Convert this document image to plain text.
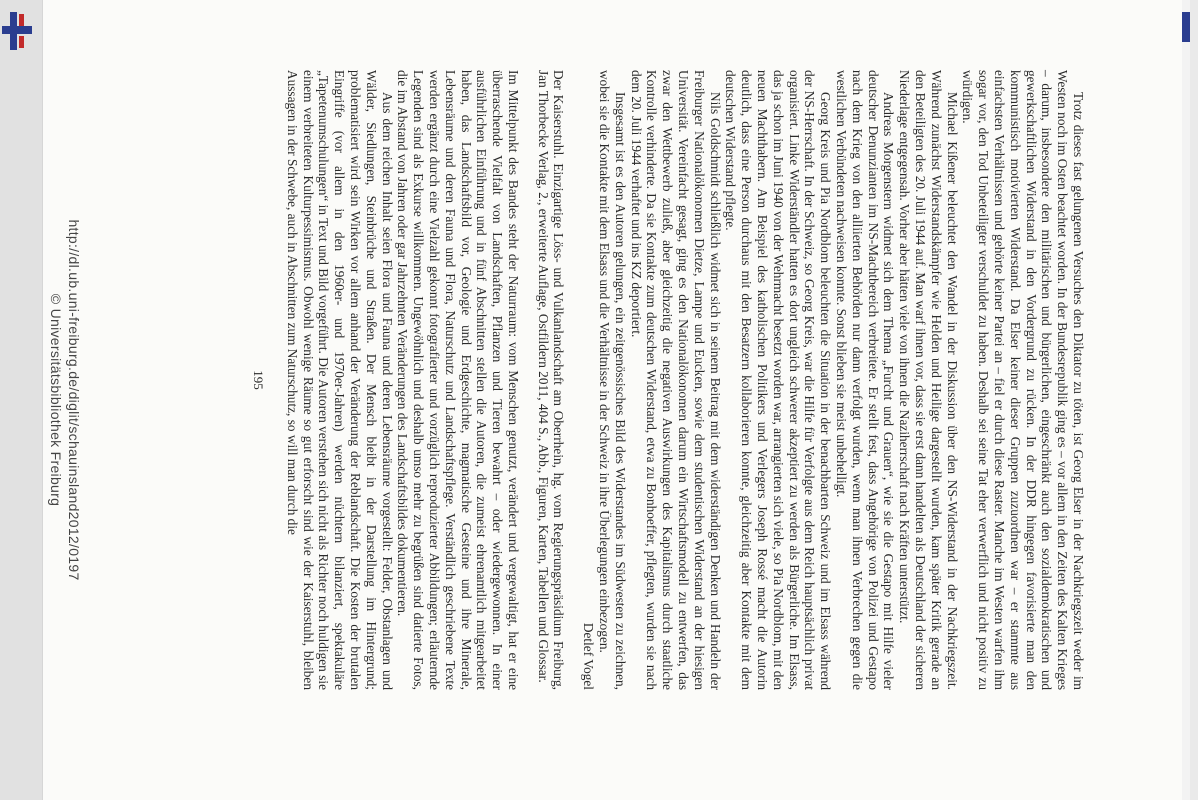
Trotz dieses fast gelungenen Versuches den Diktator zu töten, ist Georg Elser in der Nachkriegszeit weder im Westen noch im Osten beachtet worden. In der Bundesrepublik ging es – vor allem in den Zeiten des Kalten Krieges – darum, insbesondere den militärischen und bürgerlichen, eingeschränkt auch den sozialdemokratischen und gewerkschaftlichen Widerstand in den Vordergrund zu rücken. In der DDR hingegen favorisierte man den kommunistisch motivierten Widerstand. Da Elser keiner dieser Gruppen zuzuordnen war – er stammte aus einfachsten Verhältnissen und gehörte keiner Partei an – fiel er durch diese Raster. Manche im Westen warfen ihm sogar vor, den Tod Unbeteiligter verschuldet zu haben. Deshalb sei seine Tat eher verwerflich und nicht positiv zu würdigen.

Michael Kißener beleuchtet den Wandel in der Diskussion über den NS-Widerstand in der Nachkriegszeit. Während zunächst Widerstandskämpfer wie Helden und Heilige dargestellt wurden, kam später Kritik gerade an den Beteiligten des 20. Juli 1944 auf. Man warf ihnen vor, dass sie erst dann handelten als Deutschland der sicheren Niederlage entgegensah. Vorher aber hätten viele von ihnen die Naziherrschaft nach Kräften unterstützt.

Andreas Morgenstern widmet sich dem Thema „Furcht und Grauen“, wie sie die Gestapo mit Hilfe vieler deutscher Denunzianten im NS-Machtbereich verbreitete. Er stellt fest, dass Angehörige von Polizei und Gestapo nach dem Krieg von den alliierten Behörden nur dann verfolgt wurden, wenn man ihnen Verbrechen gegen die westlichen Verbündeten nachweisen konnte. Sonst blieben sie meist unbehelligt.

Georg Kreis und Pia Nordblom beleuchten die Situation in der benachbarten Schweiz und im Elsass während der NS-Herrschaft. In der Schweiz, so Georg Kreis, war die Hilfe für Verfolgte aus dem Reich hauptsächlich privat organisiert. Linke Widerständler hatten es dort ungleich schwerer akzeptiert zu werden als Bürgerliche. Im Elsass, das ja schon im Juni 1940 von der Wehrmacht besetzt worden war, arrangierten sich viele, so Pia Nordblom, mit den neuen Machthabern. Am Beispiel des katholischen Politikers und Verlegers Joseph Rossé macht die Autorin deutlich, dass eine Person durchaus mit den Besatzern kollaborieren konnte, gleichzeitig aber Kontakte mit dem deutschen Widerstand pflegte.

Nils Goldschmidt schließlich widmet sich in seinem Beitrag mit dem widerständigen Denken und Handeln der Freiburger Nationalökonomen Dietze, Lampe und Eucken, sowie dem studentischen Widerstand an der hiesigen Universität. Vereinfacht gesagt, ging es den Nationalökonomen darum ein Wirtschaftsmodell zu entwerfen, das zwar den Wettbewerb zuließ, aber gleichzeitig die negativen Auswirkungen des Kapitalismus durch staatliche Kontrolle verhinderte. Da sie Kontakte zum deutschen Widerstand, etwa zu Bonhoeffer, pflegten, wurden sie nach dem 20. Juli 1944 verhaftet und ins KZ deportiert.

Insgesamt ist es den Autoren gelungen, ein zeitgenössisches Bild des Widerstandes im Südwesten zu zeichnen, wobei sie die Kontakte mit dem Elsass und die Verhältnisse in der Schweiz in ihre Überlegungen einbezogen.

Detlef Vogel

Der Kaiserstuhl. Einzigartige Löss- und Vulkanlandschaft am Oberrhein, hg. vom Regierungspräsidium Freiburg, Jan Thorbecke Verlag, 2., erweiterte Auflage, Ostfildern 2011, 404 S., Abb., Figuren, Karten, Tabellen und Glossar.

Im Mittelpunkt des Bandes steht der Naturraum: vom Menschen genutzt, verändert und vergewaltigt, hat er eine überraschende Vielfalt von Landschaften, Pflanzen und Tieren bewahrt – oder wiedergewonnen. In einer ausführlichen Einführung und in fünf Abschnitten stellen die Autoren, die zumeist ehrenamtlich mitgearbeitet haben, das Landschaftsbild vor, Geologie und Erdgeschichte, magmatische Gesteine und ihre Minerale, Lebensräume und deren Fauna und Flora, Naturschutz und Landschaftspflege. Verständlich geschriebene Texte werden ergänzt durch eine Vielzahl gekonnt fotografierter und vorzüglich reproduzierter Abbildungen; erläuternde Legenden sind als Exkurse willkommen. Ungewöhnlich und deshalb umso mehr zu begrüßen sind datierte Fotos, die im Abstand von Jahren oder gar Jahrzehnten Veränderungen des Landschaftsbildes dokumentieren.

Aus dem reichen Inhalt seien Flora und Fauna und deren Lebensräume vorgestellt: Felder, Obstanlagen und Wälder, Siedlungen, Steinbrüche und Straßen. Der Mensch bleibt in der Darstellung im Hintergrund; problematisiert wird sein Wirken vor allem anhand der Veränderung der Reblandschaft. Die Kosten der brutalen Eingriffe (vor allem in den 1960er- und 1970er-Jahren) werden nüchtern bilanziert, spektakuläre „Tapetenumschulungen“ in Text und Bild vorgeführt. Die Autoren verstehen sich nicht als Richter noch huldigen sie einem verbreiteten Kulturpessimismus. Obwohl wenige Räume so gut erforscht sind wie der Kaiserstuhl, bleiben Aussagen in der Schwebe, auch in Abschnitten zum Naturschutz, so will man durch die

195

http://dl.ub.uni-freiburg.de/diglit/schauinsland2012/0197
© Universitätsbibliothek Freiburg
